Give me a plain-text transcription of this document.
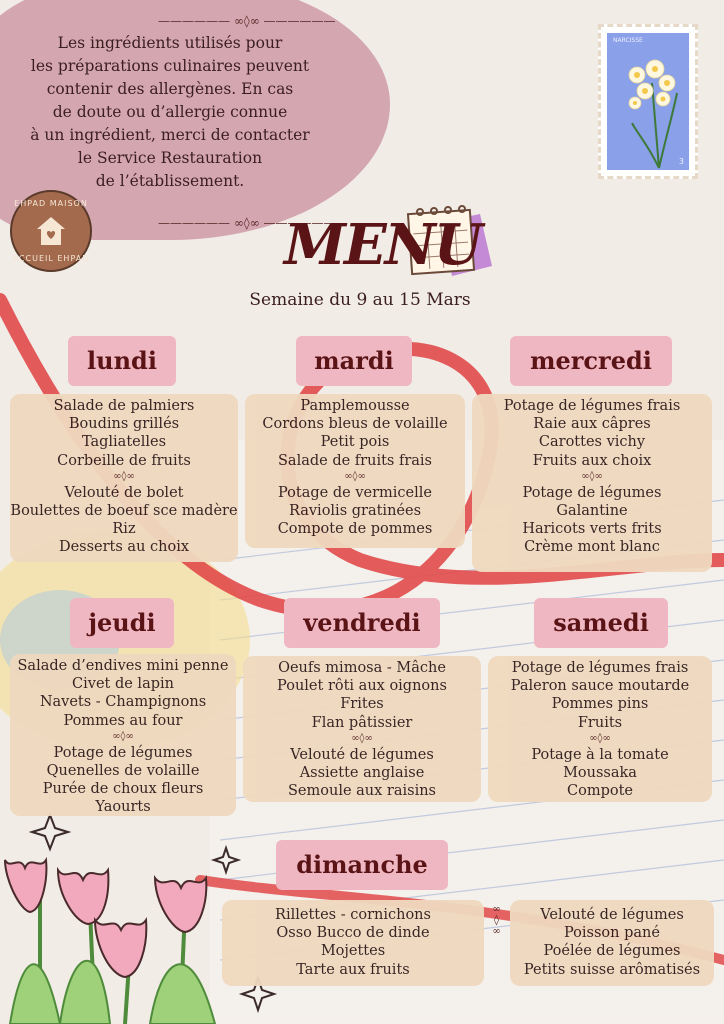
—————— ∞◊∞ ——————
Les ingrédients utilisés pour
les préparations culinaires peuvent
contenir des allergènes. En cas
de doute ou d’allergie connue
à un ingrédient, merci de contacter
le Service Restauration
de l’établissement.
—————— ∞◊∞ ——————
EHPAD MAISON
ACCUEIL EHPAD
NARCISSE
3
MENU
Semaine du 9 au 15 Mars
lundi
Salade de palmiers
Boudins grillés
Tagliatelles
Corbeille de fruits
∞◊∞
Velouté de bolet
Boulettes de boeuf sce madère
Riz
Desserts au choix
mardi
Pamplemousse
Cordons bleus de volaille
Petit pois
Salade de fruits frais
∞◊∞
Potage de vermicelle
Raviolis gratinées
Compote de pommes
mercredi
Potage de légumes frais
Raie aux câpres
Carottes vichy
Fruits aux choix
∞◊∞
Potage de légumes
Galantine
Haricots verts frits
Crème mont blanc
jeudi
Salade d’endives mini penne
Civet de lapin
Navets - Champignons
Pommes au four
∞◊∞
Potage de légumes
Quenelles de volaille
Purée de choux fleurs
Yaourts
vendredi
Oeufs mimosa - Mâche
Poulet rôti aux oignons
Frites
Flan pâtissier
∞◊∞
Velouté de légumes
Assiette anglaise
Semoule aux raisins
samedi
Potage de légumes frais
Paleron sauce moutarde
Pommes pins
Fruits
∞◊∞
Potage à la tomate
Moussaka
Compote
dimanche
Rillettes - cornichons
Osso Bucco de dinde
Mojettes
Tarte aux fruits
∞◊∞	Velouté de légumes
Poisson pané
Poélée de légumes
Petits suisse arômatisés
